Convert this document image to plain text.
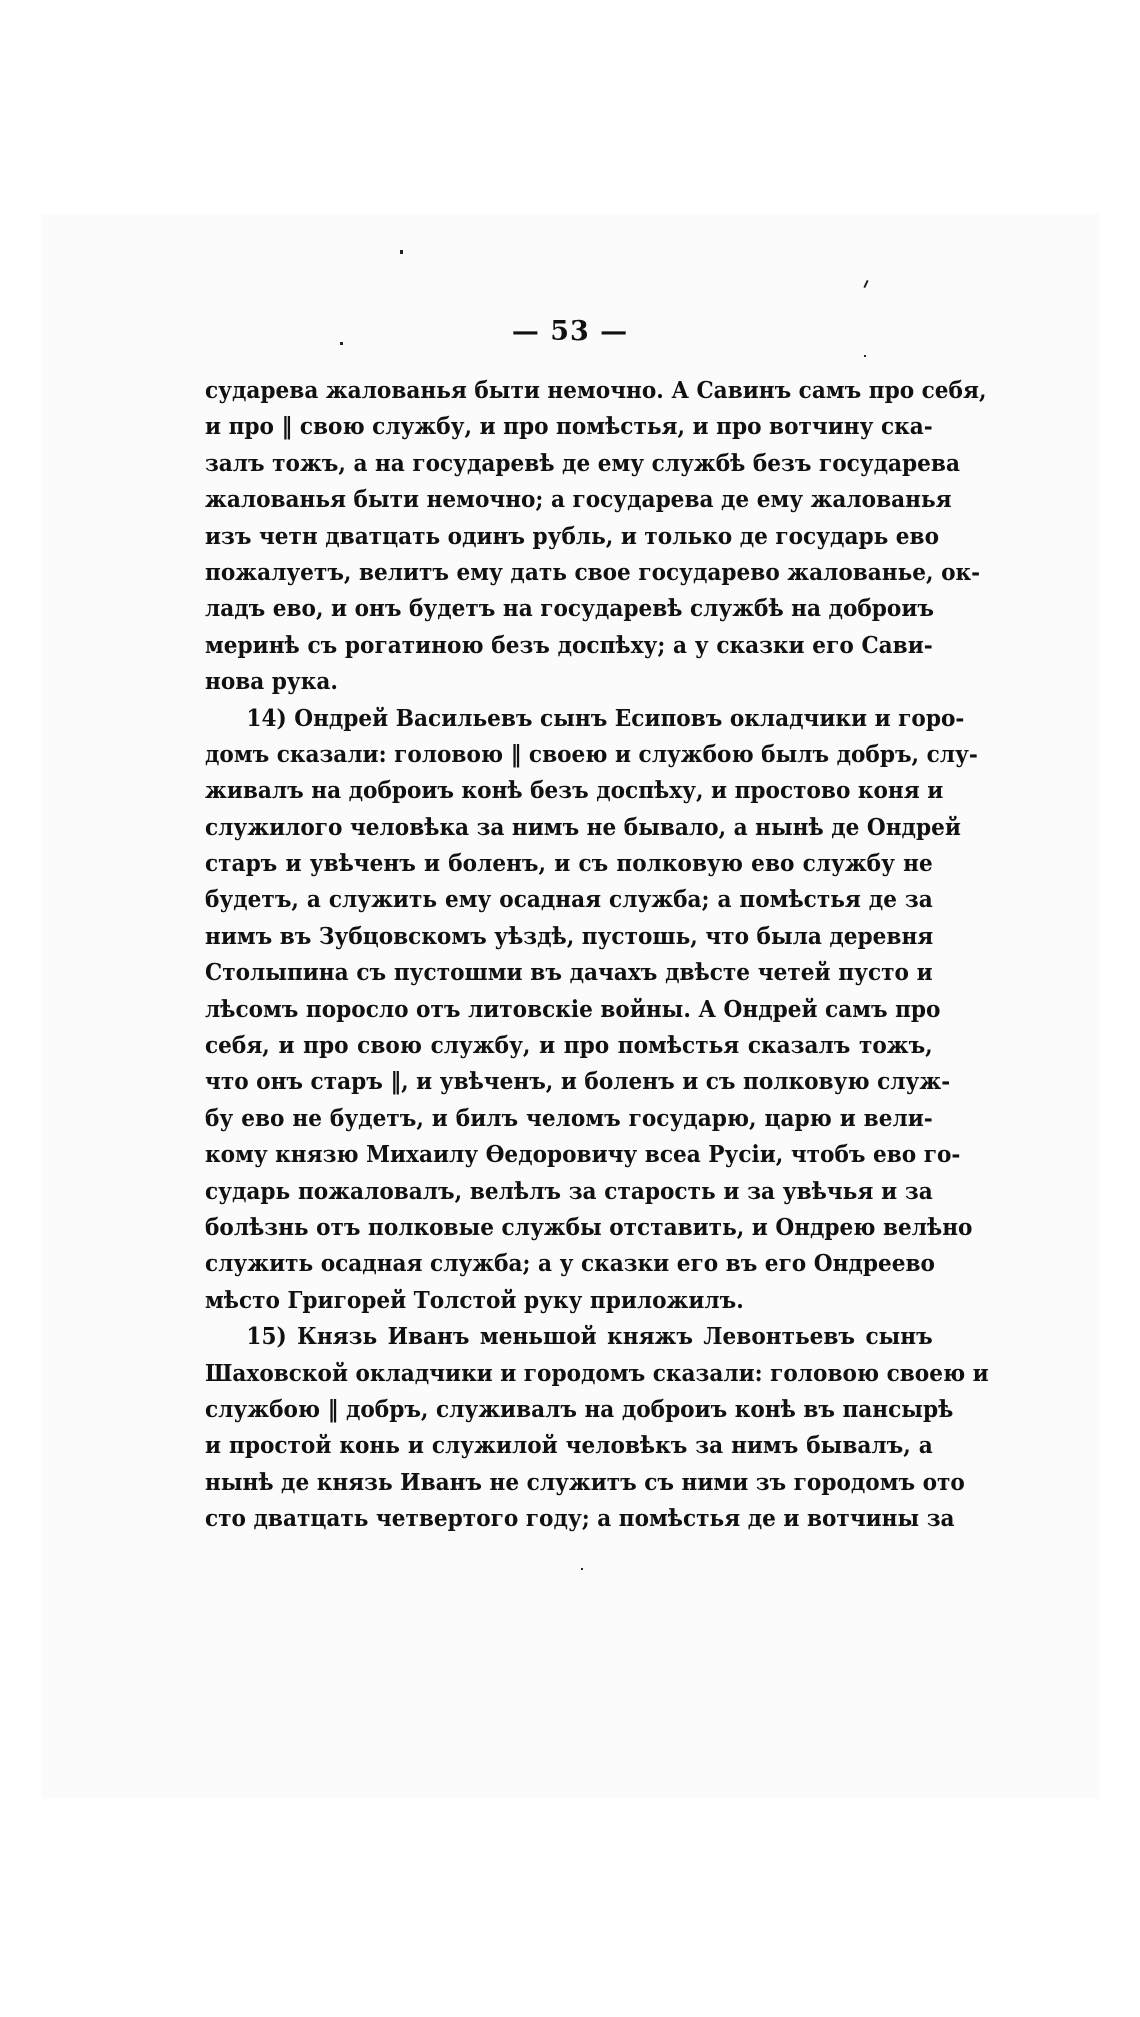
— 53 —
сударева жалованья быти немочно. А Савинъ самъ про себя,
и про ‖ свою службу, и про помѣстья, и про вотчину ска-
залъ тожъ, а на государевѣ де ему службѣ безъ государева
жалованья быти немочно; а государева де ему жалованья
изъ четн дватцать одинъ рубль, и только де государь ево
пожалуетъ, велитъ ему дать свое государево жалованье, ок-
ладъ ево, и онъ будетъ на государевѣ службѣ на доброиъ
меринѣ съ рогатиною безъ доспѣху; а у сказки его Сави-
нова рука.
14) Ондрей Васильевъ сынъ Есиповъ окладчики и горо-
домъ сказали: головою ‖ своею и службою былъ добръ, слу-
живалъ на доброиъ конѣ безъ доспѣху, и простово коня и
служилого человѣка за нимъ не бывало, а нынѣ де Ондрей
старъ и увѣченъ и боленъ, и съ полковую ево службу не
будетъ, а служить ему осадная служба; а помѣстья де за
нимъ въ Зубцовскомъ уѣздѣ, пустошь, что была деревня
Столыпина съ пустошми въ дачахъ двѣсте четей пусто и
лѣсомъ поросло отъ литовскіе войны. А Ондрей самъ про
себя, и про свою службу, и про помѣстья сказалъ тожъ,
что онъ старъ ‖, и увѣченъ, и боленъ и съ полковую служ-
бу ево не будетъ, и билъ челомъ государю, царю и вели-
кому князю Михаилу Ѳедоровичу всеа Русіи, чтобъ ево го-
сударь пожаловалъ, велѣлъ за старость и за увѣчья и за
болѣзнь отъ полковые службы отставить, и Ондрею велѣно
служить осадная служба; а у сказки его въ его Ондреево
мѣсто Григорей Толстой руку приложилъ.
15) Князь Иванъ меньшой княжъ Левонтьевъ сынъ
Шаховской окладчики и городомъ сказали: головою своею и
службою ‖ добръ, служивалъ на доброиъ конѣ въ пансырѣ
и простой конь и служилой человѣкъ за нимъ бывалъ, а
нынѣ де князь Иванъ не служитъ съ ними зъ городомъ ото
сто дватцать четвертого году; а помѣстья де и вотчины за
